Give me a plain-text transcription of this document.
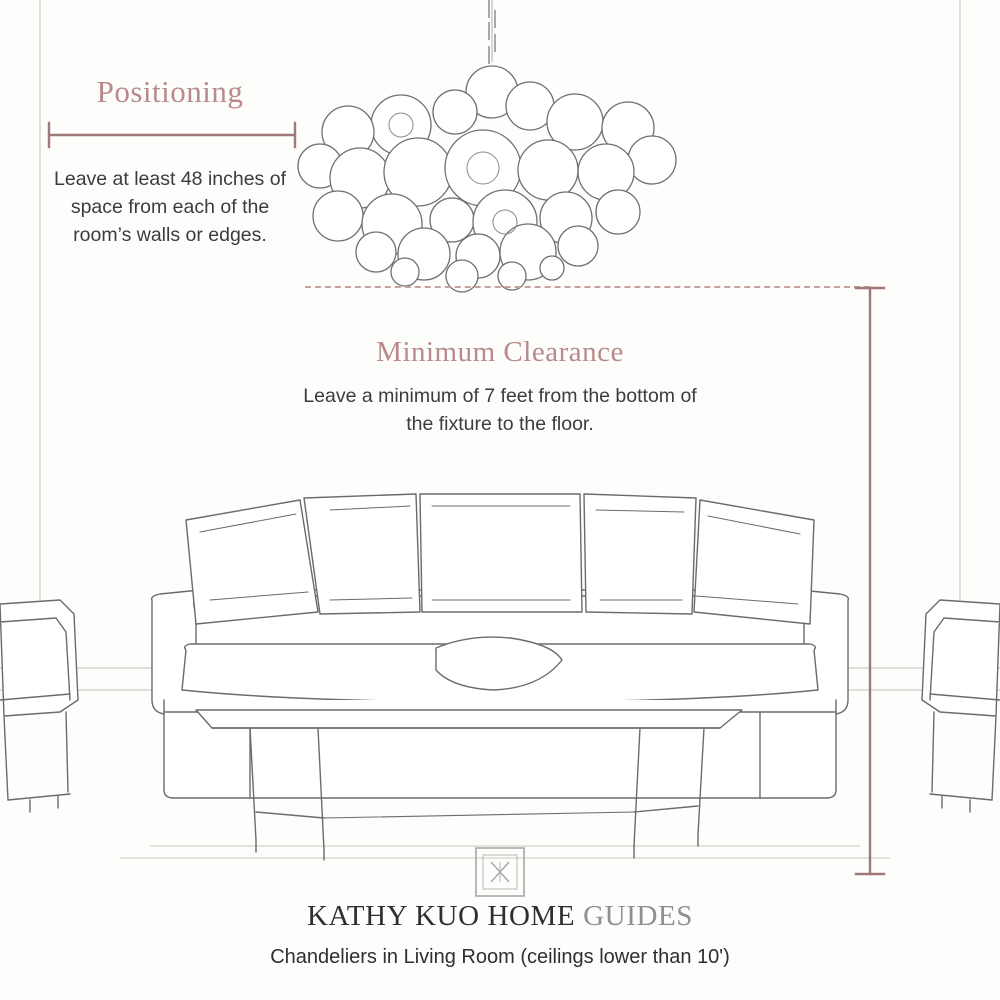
Positioning
Leave at least 48 inches of space from each of the room’s walls or edges.
Minimum Clearance
Leave a minimum of 7 feet from the bottom of the fixture to the floor.
KATHY KUO HOME GUIDES
Chandeliers in Living Room (ceilings lower than 10')
